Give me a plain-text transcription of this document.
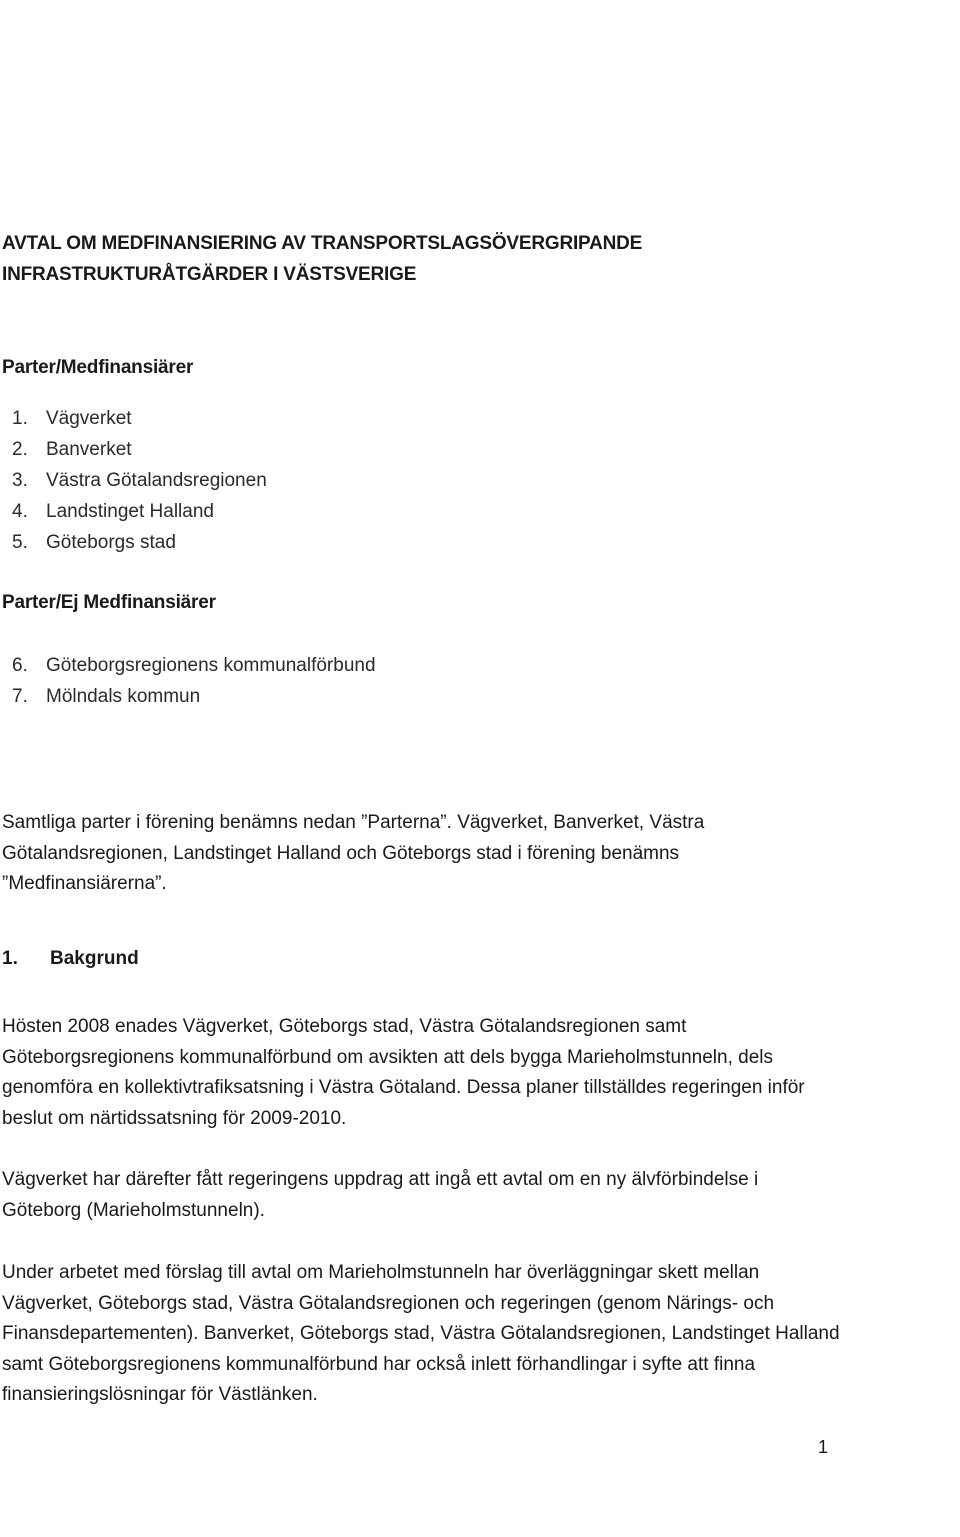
AVTAL OM MEDFINANSIERING AV TRANSPORTSLAGSÖVERGRIPANDE
INFRASTRUKTURÅTGÄRDER I VÄSTSVERIGE
Parter/Medfinansiärer
1. Vägverket
2. Banverket
3. Västra Götalandsregionen
4. Landstinget Halland
5. Göteborgs stad
Parter/Ej Medfinansiärer
6. Göteborgsregionens kommunalförbund
7. Mölndals kommun

Samtliga parter i förening benämns nedan ”Parterna”. Vägverket, Banverket, Västra Götalandsregionen, Landstinget Halland och Göteborgs stad i förening benämns ”Medfinansiärerna”.

1.	Bakgrund

Hösten 2008 enades Vägverket, Göteborgs stad, Västra Götalandsregionen samt Göteborgsregionens kommunalförbund om avsikten att dels bygga Marieholmstunneln, dels genomföra en kollektivtrafiksatsning i Västra Götaland. Dessa planer tillställdes regeringen inför beslut om närtidssatsning för 2009-2010.

Vägverket har därefter fått regeringens uppdrag att ingå ett avtal om en ny älvförbindelse i Göteborg (Marieholmstunneln).

Under arbetet med förslag till avtal om Marieholmstunneln har överläggningar skett mellan Vägverket, Göteborgs stad, Västra Götalandsregionen och regeringen (genom Närings- och Finansdepartementen). Banverket, Göteborgs stad, Västra Götalandsregionen, Landstinget Halland samt Göteborgsregionens kommunalförbund har också inlett förhandlingar i syfte att finna finansieringslösningar för Västlänken.

1
